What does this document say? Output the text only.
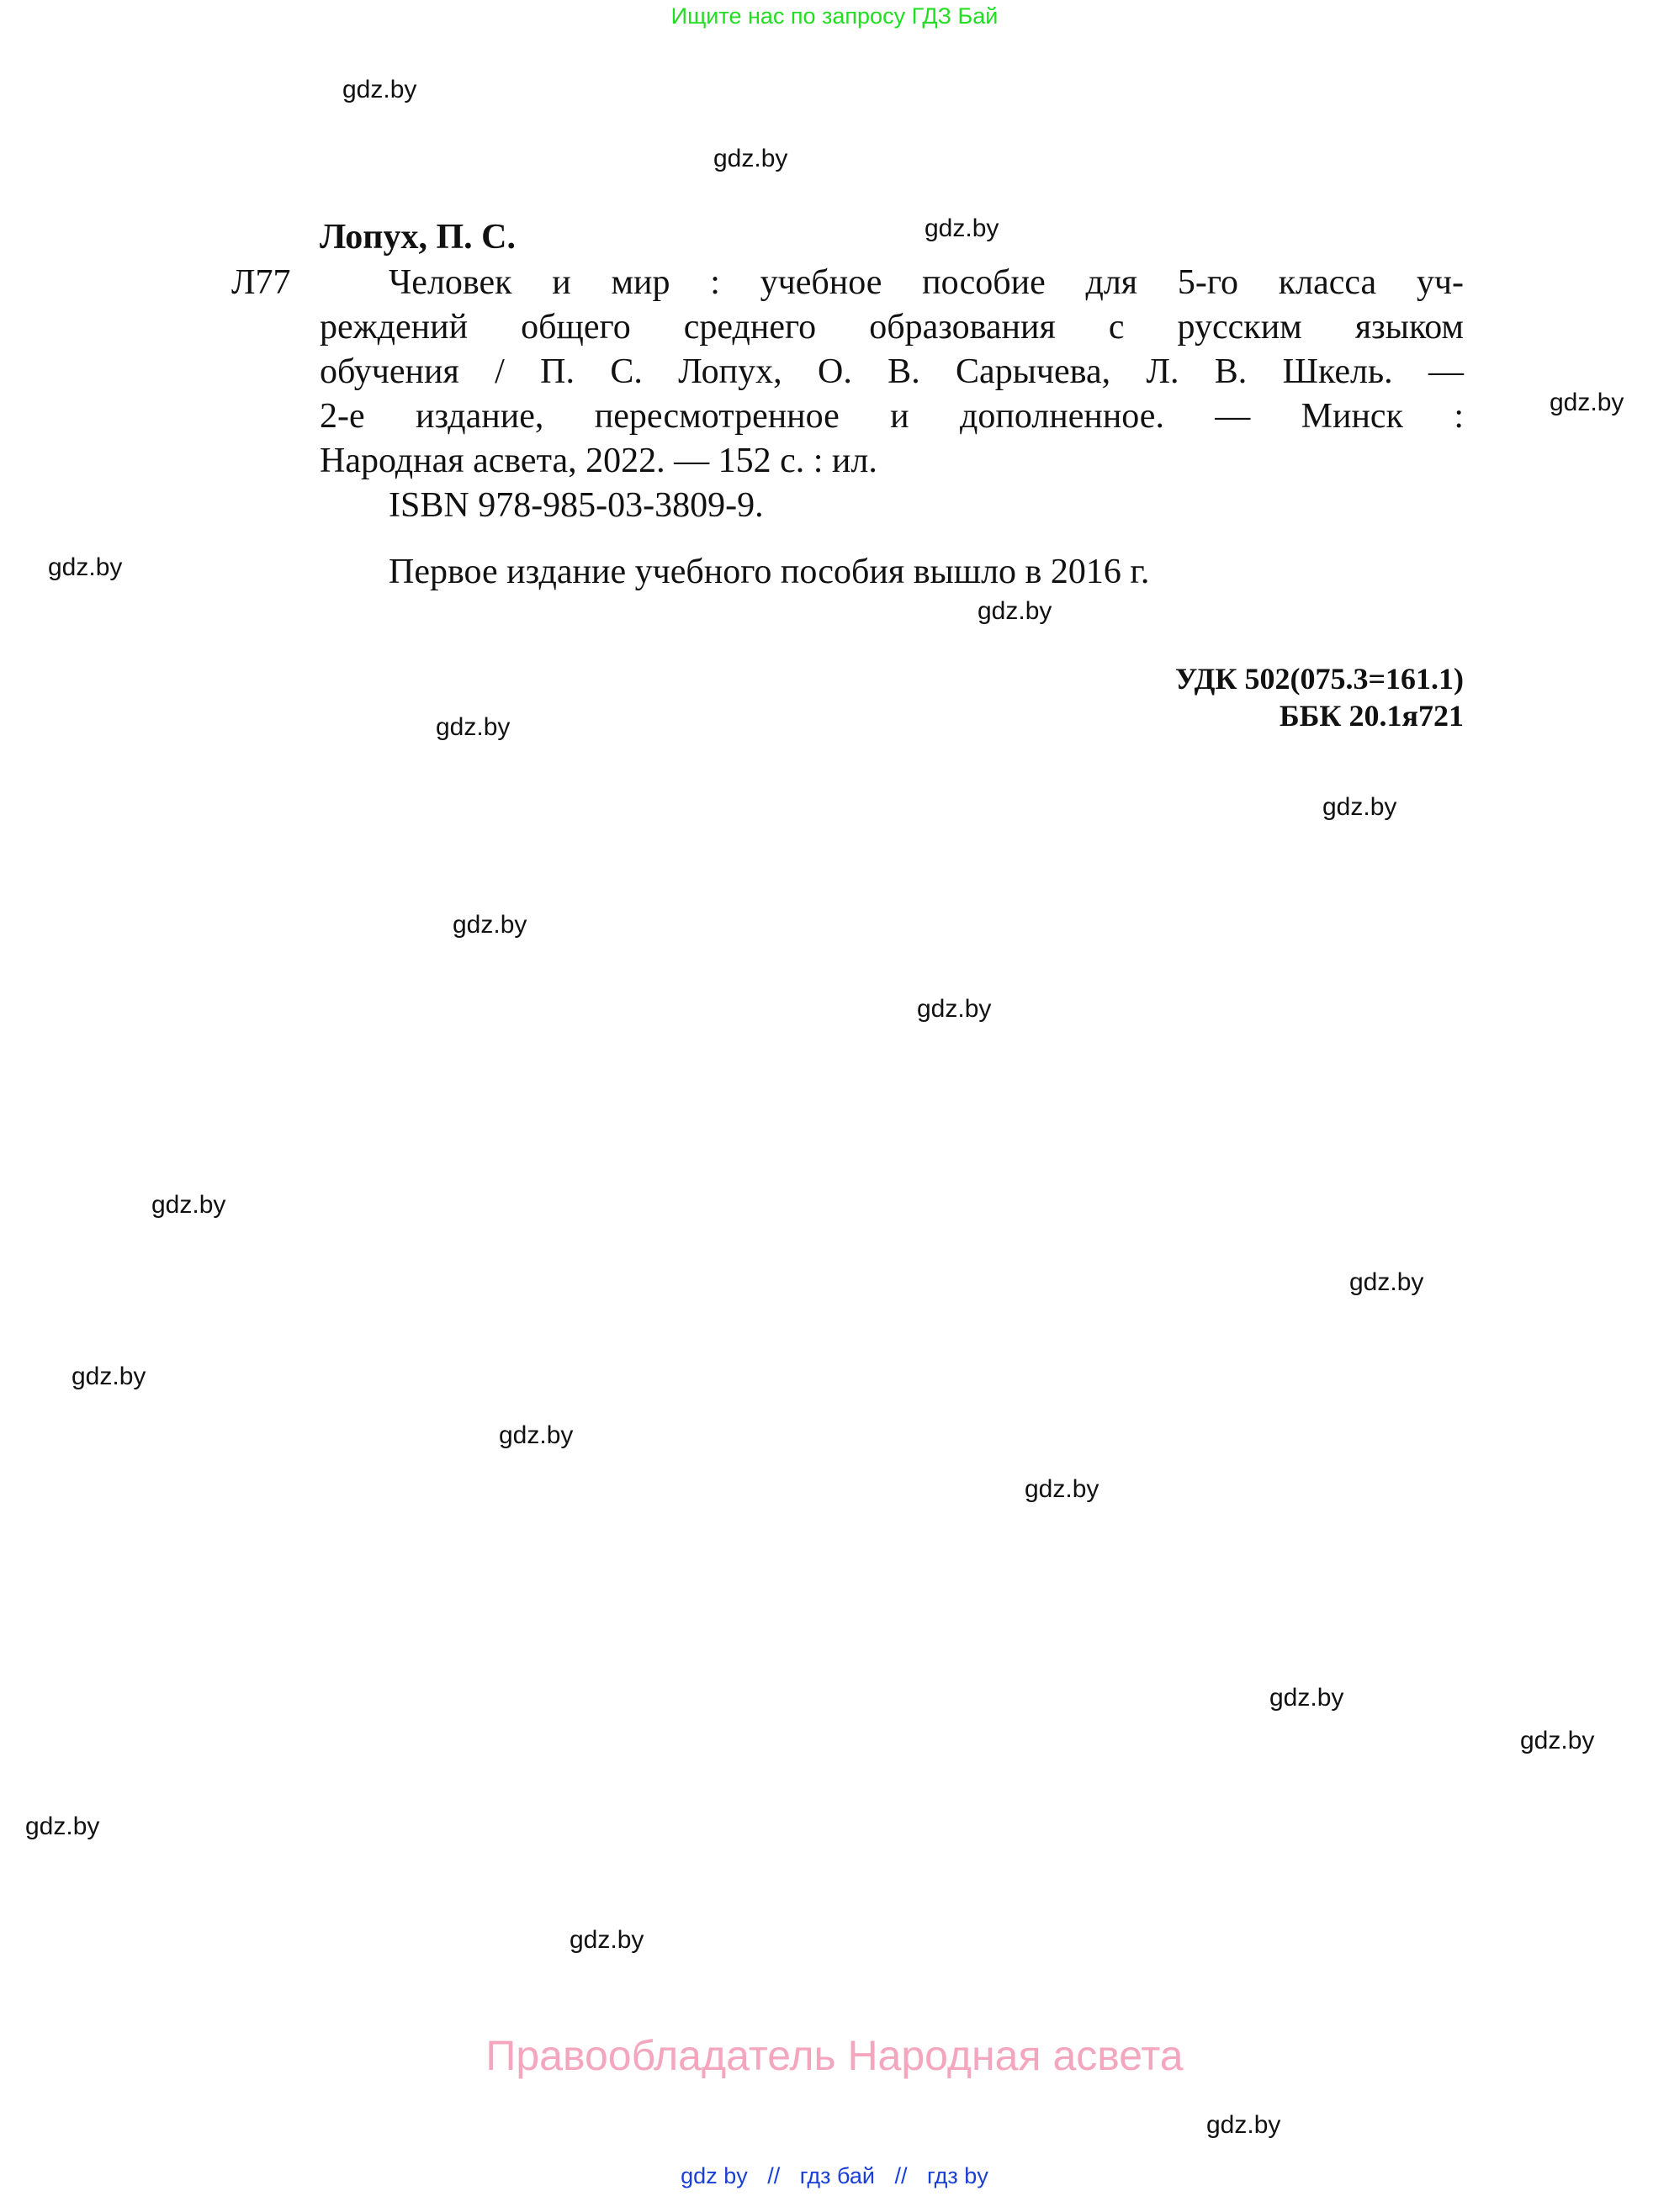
Ищите нас по запросу ГДЗ Бай
gdz.by
gdz.by
gdz.by
gdz.by
gdz.by
gdz.by
gdz.by
gdz.by
gdz.by
gdz.by
gdz.by
gdz.by
gdz.by
gdz.by
gdz.by
gdz.by
gdz.by
gdz.by
gdz.by
gdz.by
Лопух, П. С.
Л77	Человек и мир : учебное пособие для 5-го класса уч-
реждений общего среднего образования с русским языком
обучения / П. С. Лопух, О. В. Сарычева, Л. В. Шкель. —
2-е издание, пересмотренное и дополненное. — Минск :
Народная асвета, 2022. — 152 с. : ил.
ISBN 978-985-03-3809-9.
Первое издание учебного пособия вышло в 2016 г.
УДК 502(075.3=161.1)
ББК 20.1я721
Правообладатель Народная асвета
gdz by // гдз бай // гдз by
